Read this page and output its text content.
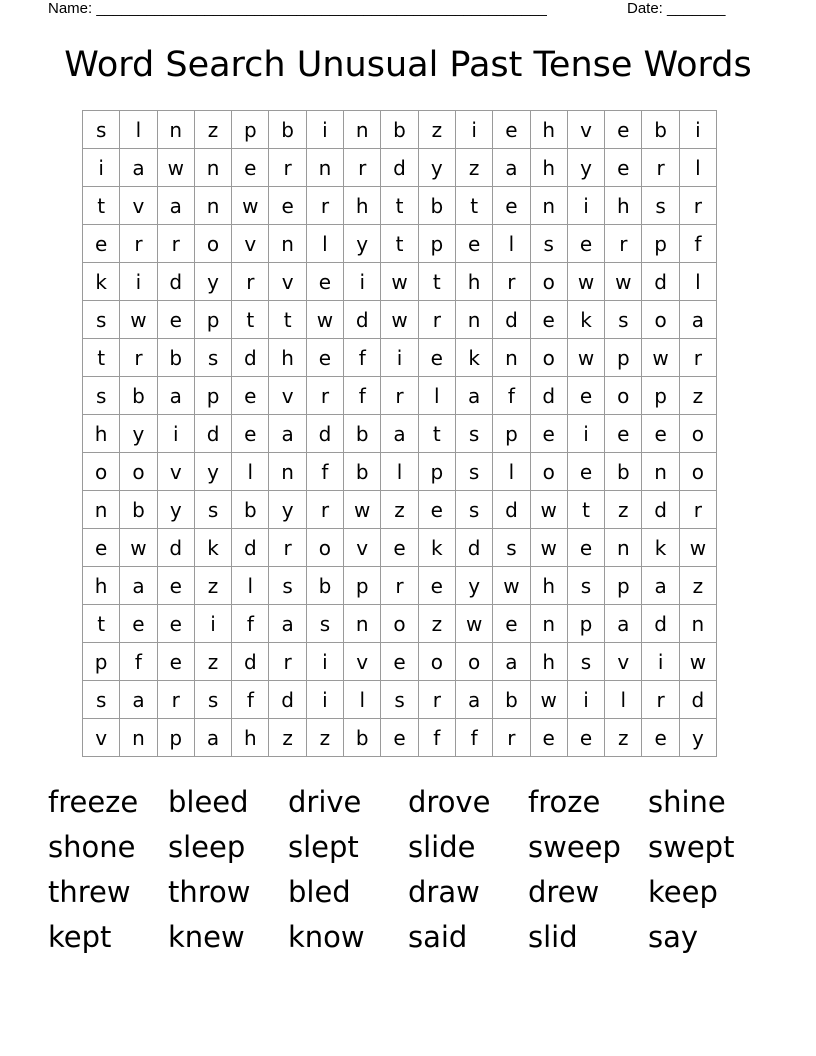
Name: ______________________________________________________

	Date: _______

Word Search Unusual Past Tense Words
s	l	n	z	p	b	i	n	b	z	i	e	h	v	e	b	i
i	a	w	n	e	r	n	r	d	y	z	a	h	y	e	r	l
t	v	a	n	w	e	r	h	t	b	t	e	n	i	h	s	r
e	r	r	o	v	n	l	y	t	p	e	l	s	e	r	p	f
k	i	d	y	r	v	e	i	w	t	h	r	o	w	w	d	l
s	w	e	p	t	t	w	d	w	r	n	d	e	k	s	o	a
t	r	b	s	d	h	e	f	i	e	k	n	o	w	p	w	r
s	b	a	p	e	v	r	f	r	l	a	f	d	e	o	p	z
h	y	i	d	e	a	d	b	a	t	s	p	e	i	e	e	o
o	o	v	y	l	n	f	b	l	p	s	l	o	e	b	n	o
n	b	y	s	b	y	r	w	z	e	s	d	w	t	z	d	r
e	w	d	k	d	r	o	v	e	k	d	s	w	e	n	k	w
h	a	e	z	l	s	b	p	r	e	y	w	h	s	p	a	z
t	e	e	i	f	a	s	n	o	z	w	e	n	p	a	d	n
p	f	e	z	d	r	i	v	e	o	o	a	h	s	v	i	w
s	a	r	s	f	d	i	l	s	r	a	b	w	i	l	r	d
v	n	p	a	h	z	z	b	e	f	f	r	e	e	z	e	y
freeze	bleed	drive	drove	froze	shine
shone	sleep	slept	slide	sweep swept
threw	throw	bled	draw	drew	keep
kept	knew	know	said	slid	say
